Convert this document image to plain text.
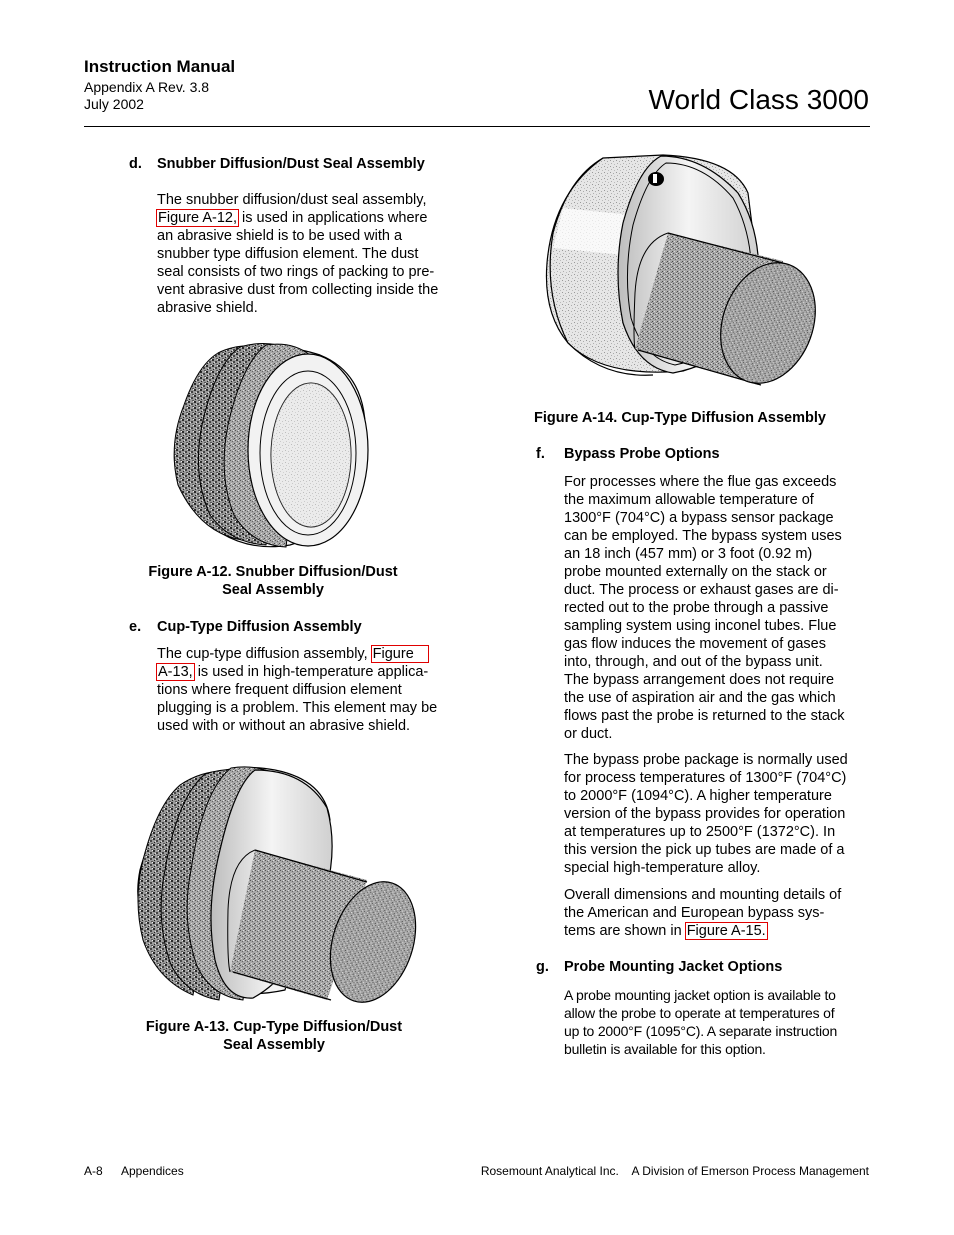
Instruction Manual
Appendix A Rev. 3.8
July 2002	World Class 3000
d. Snubber Diffusion/Dust Seal Assembly

The snubber diffusion/dust seal assembly,

Figure A-12, is used in applications where

an abrasive shield is to be used with a

snubber type diffusion element. The dust

seal consists of two rings of packing to pre-

vent abrasive dust from collecting inside the

abrasive shield.

Figure A-12. Snubber Diffusion/Dust
Seal Assembly
e. Cup-Type Diffusion Assembly

The cup-type diffusion assembly, Figure

A-13, is used in high-temperature applica-

tions where frequent diffusion element

plugging is a problem. This element may be

used with or without an abrasive shield.

Figure A-13. Cup-Type Diffusion/Dust
Seal Assembly
Figure A-14. Cup-Type Diffusion Assembly
f. Bypass Probe Options

For processes where the flue gas exceeds

the maximum allowable temperature of

1300°F (704°C) a bypass sensor package

can be employed. The bypass system uses

an 18 inch (457 mm) or 3 foot (0.92 m)

probe mounted externally on the stack or

duct. The process or exhaust gases are di-

rected out to the probe through a passive

sampling system using inconel tubes. Flue

gas flow induces the movement of gases

into, through, and out of the bypass unit.

The bypass arrangement does not require

the use of aspiration air and the gas which

flows past the probe is returned to the stack

or duct.

The bypass probe package is normally used

for process temperatures of 1300°F (704°C)

to 2000°F (1094°C). A higher temperature

version of the bypass provides for operation

at temperatures up to 2500°F (1372°C). In

this version the pick up tubes are made of a

special high-temperature alloy.

Overall dimensions and mounting details of

the American and European bypass sys-

tems are shown in Figure A-15.

g. Probe Mounting Jacket Options

A probe mounting jacket option is available to

allow the probe to operate at temperatures of

up to 2000°F (1095°C). A separate instruction

bulletin is available for this option.

A-8 Appendices	Rosemount Analytical Inc.    A Division of Emerson Process Management
